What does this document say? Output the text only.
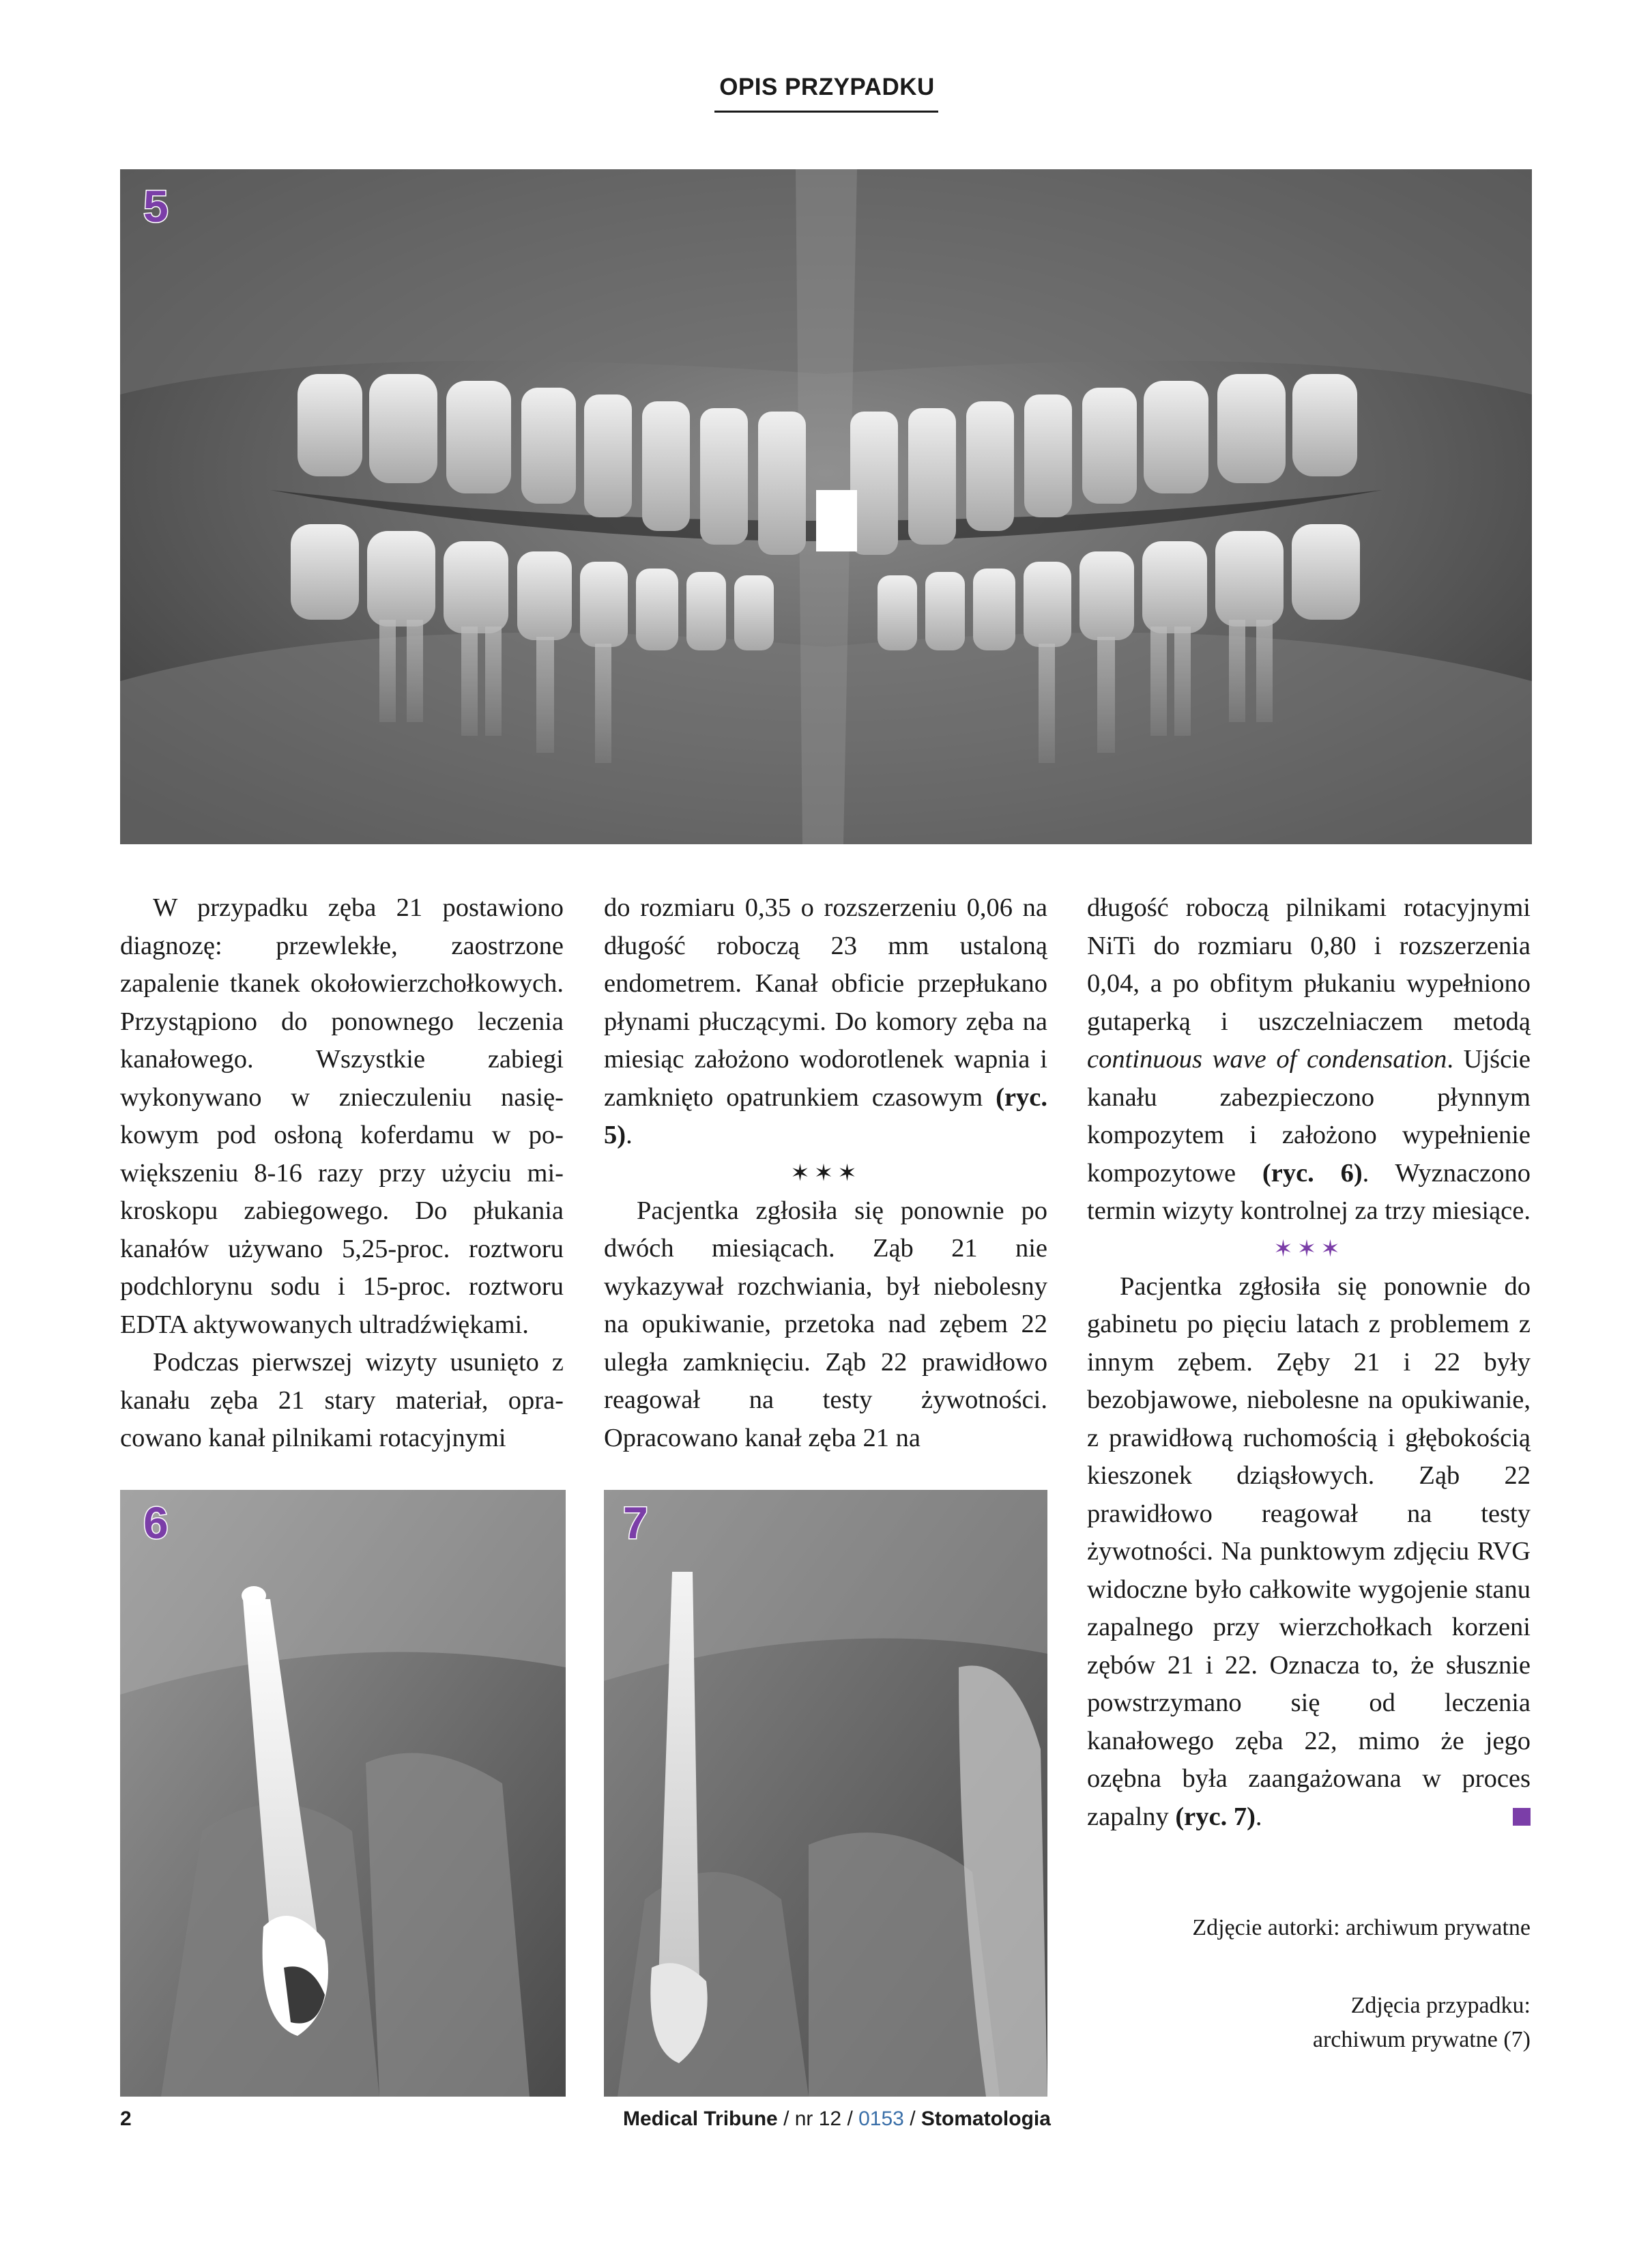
OPIS PRZYPADKU
5
6	7

W przypadku zęba 21 postawiono diagnozę: przewlekłe, zaostrzone zapalenie tkanek okołowierzchołkowych. Przystąpiono do ponownego leczenia kanałowego. Wszystkie zabiegi wykonywano w znieczuleniu nasiękowym pod osłoną koferdamu w powiększeniu 8-16 razy przy użyciu mikroskopu zabiegowego. Do płukania kanałów używano 5,25-proc. roztworu podchlorynu sodu i 15-proc. roztworu EDTA aktywowanych ultradźwiękami.

Podczas pierwszej wizyty usunięto z kanału zęba 21 stary materiał, opracowano kanał pilnikami rotacyjnymi

do rozmiaru 0,35 o rozszerzeniu 0,06 na długość roboczą 23 mm ustaloną endometrem. Kanał obficie przepłukano płynami płuczącymi. Do komory zęba na miesiąc założono wodorotlenek wapnia i zamknięto opatrunkiem czasowym (ryc. 5).

✶✶✶

Pacjentka zgłosiła się ponownie po dwóch miesiącach. Ząb 21 nie wykazywał rozchwiania, był niebolesny na opukiwanie, przetoka nad zębem 22 uległa zamknięciu. Ząb 22 prawidłowo reagował na testy żywotności. Opracowano kanał zęba 21 na

długość roboczą pilnikami rotacyjnymi NiTi do rozmiaru 0,80 i rozszerzenia 0,04, a po obfitym płukaniu wypełniono gutaperką i uszczelniaczem metodą continuous wave of condensation. Ujście kanału zabezpieczono płynnym kompozytem i założono wypełnienie kompozytowe (ryc. 6). Wyznaczono termin wizyty kontrolnej za trzy miesiące.

✶✶✶

Pacjentka zgłosiła się ponownie do gabinetu po pięciu latach z problemem z innym zębem. Zęby 21 i 22 były bezobjawowe, niebolesne na opukiwanie, z prawidłową ruchomością i głębokością kieszonek dziąsłowych. Ząb 22 prawidłowo reagował na testy żywotności. Na punktowym zdjęciu RVG widoczne było całkowite wygojenie stanu zapalnego przy wierzchołkach korzeni zębów 21 i 22. Oznacza to, że słusznie powstrzymano się od leczenia kanałowego zęba 22, mimo że jego ozębna była zaangażowana w proces zapalny (ryc. 7).

Zdjęcie autorki: archiwum prywatne
Zdjęcia przypadku:
archiwum prywatne (7)
2	Medical Tribune / nr 12 / 0153 / Stomatologia
